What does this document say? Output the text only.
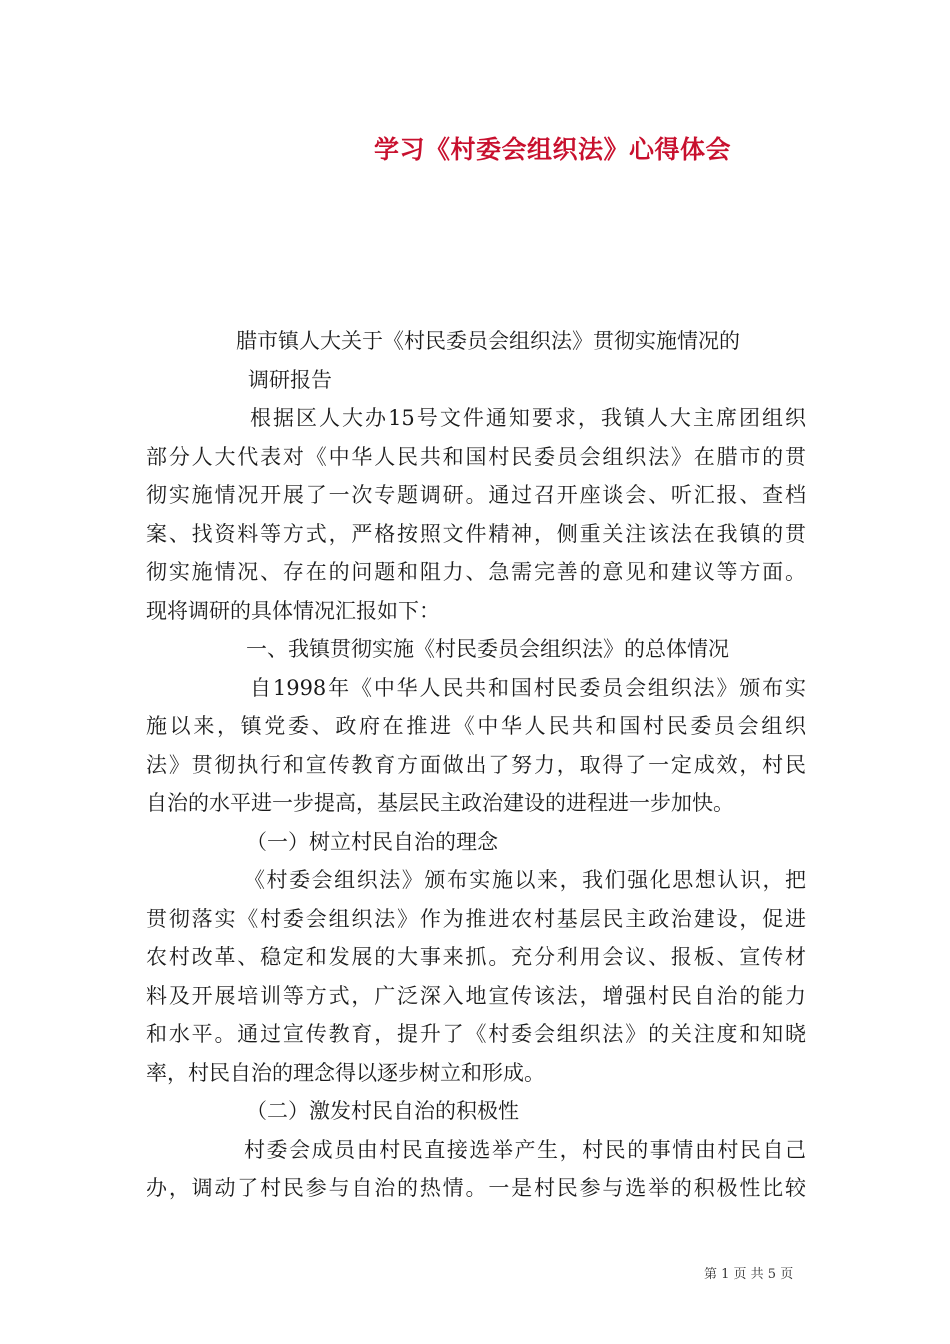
学习《村委会组织法》心得体会
腊市镇人大关于《村民委员会组织法》贯彻实施情况的
调研报告
根据区人大办15号文件通知要求，我镇人大主席团组织
部分人大代表对《中华人民共和国村民委员会组织法》在腊市的贯
彻实施情况开展了一次专题调研。通过召开座谈会、听汇报、查档
案、找资料等方式，严格按照文件精神，侧重关注该法在我镇的贯
彻实施情况、存在的问题和阻力、急需完善的意见和建议等方面。
现将调研的具体情况汇报如下：
一、我镇贯彻实施《村民委员会组织法》的总体情况
自1998年《中华人民共和国村民委员会组织法》颁布实
施以来，镇党委、政府在推进《中华人民共和国村民委员会组织
法》贯彻执行和宣传教育方面做出了努力，取得了一定成效，村民
自治的水平进一步提高，基层民主政治建设的进程进一步加快。
（一）树立村民自治的理念
《村委会组织法》颁布实施以来，我们强化思想认识，把
贯彻落实《村委会组织法》作为推进农村基层民主政治建设，促进
农村改革、稳定和发展的大事来抓。充分利用会议、报板、宣传材
料及开展培训等方式，广泛深入地宣传该法，增强村民自治的能力
和水平。通过宣传教育，提升了《村委会组织法》的关注度和知晓
率，村民自治的理念得以逐步树立和形成。
（二）激发村民自治的积极性
村委会成员由村民直接选举产生，村民的事情由村民自己
办，调动了村民参与自治的热情。一是村民参与选举的积极性比较
第 1 页 共 5 页
